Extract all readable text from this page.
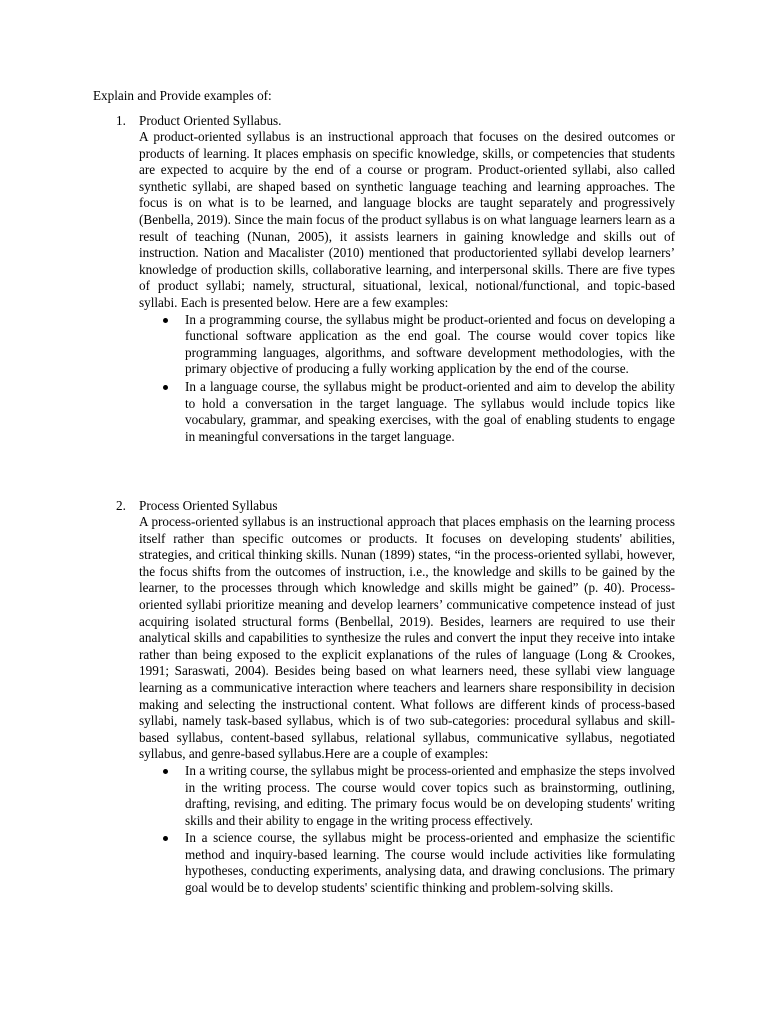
Explain and Provide examples of:
1. Product Oriented Syllabus.

A product-oriented syllabus is an instructional approach that focuses on the desired outcomes or products of learning. It places emphasis on specific knowledge, skills, or competencies that students are expected to acquire by the end of a course or program. Product-oriented syllabi, also called synthetic syllabi, are shaped based on synthetic language teaching and learning approaches. The focus is on what is to be learned, and language blocks are taught separately and progressively (Benbella, 2019). Since the main focus of the product syllabus is on what language learners learn as a result of teaching (Nunan, 2005), it assists learners in gaining knowledge and skills out of instruction. Nation and Macalister (2010) mentioned that productoriented syllabi develop learners’ knowledge of production skills, collaborative learning, and interpersonal skills. There are five types of product syllabi; namely, structural, situational, lexical, notional/functional, and topic-based syllabi. Each is presented below. Here are a few examples:

In a programming course, the syllabus might be product-oriented and focus on developing a functional software application as the end goal. The course would cover topics like programming languages, algorithms, and software development methodologies, with the primary objective of producing a fully working application by the end of the course.
In a language course, the syllabus might be product-oriented and aim to develop the ability to hold a conversation in the target language. The syllabus would include topics like vocabulary, grammar, and speaking exercises, with the goal of enabling students to engage in meaningful conversations in the target language.
2. Process Oriented Syllabus

A process-oriented syllabus is an instructional approach that places emphasis on the learning process itself rather than specific outcomes or products. It focuses on developing students' abilities, strategies, and critical thinking skills. Nunan (1899) states, “in the process-oriented syllabi, however, the focus shifts from the outcomes of instruction, i.e., the knowledge and skills to be gained by the learner, to the processes through which knowledge and skills might be gained” (p. 40). Process-oriented syllabi prioritize meaning and develop learners’ communicative competence instead of just acquiring isolated structural forms (Benbellal, 2019). Besides, learners are required to use their analytical skills and capabilities to synthesize the rules and convert the input they receive into intake rather than being exposed to the explicit explanations of the rules of language (Long & Crookes, 1991; Saraswati, 2004). Besides being based on what learners need, these syllabi view language learning as a communicative interaction where teachers and learners share responsibility in decision making and selecting the instructional content. What follows are different kinds of process-based syllabi, namely task-based syllabus, which is of two sub-categories: procedural syllabus and skill-based syllabus, content-based syllabus, relational syllabus, communicative syllabus, negotiated syllabus, and genre-based syllabus.Here are a couple of examples:

In a writing course, the syllabus might be process-oriented and emphasize the steps involved in the writing process. The course would cover topics such as brainstorming, outlining, drafting, revising, and editing. The primary focus would be on developing students' writing skills and their ability to engage in the writing process effectively.
In a science course, the syllabus might be process-oriented and emphasize the scientific method and inquiry-based learning. The course would include activities like formulating hypotheses, conducting experiments, analysing data, and drawing conclusions. The primary goal would be to develop students' scientific thinking and problem-solving skills.
